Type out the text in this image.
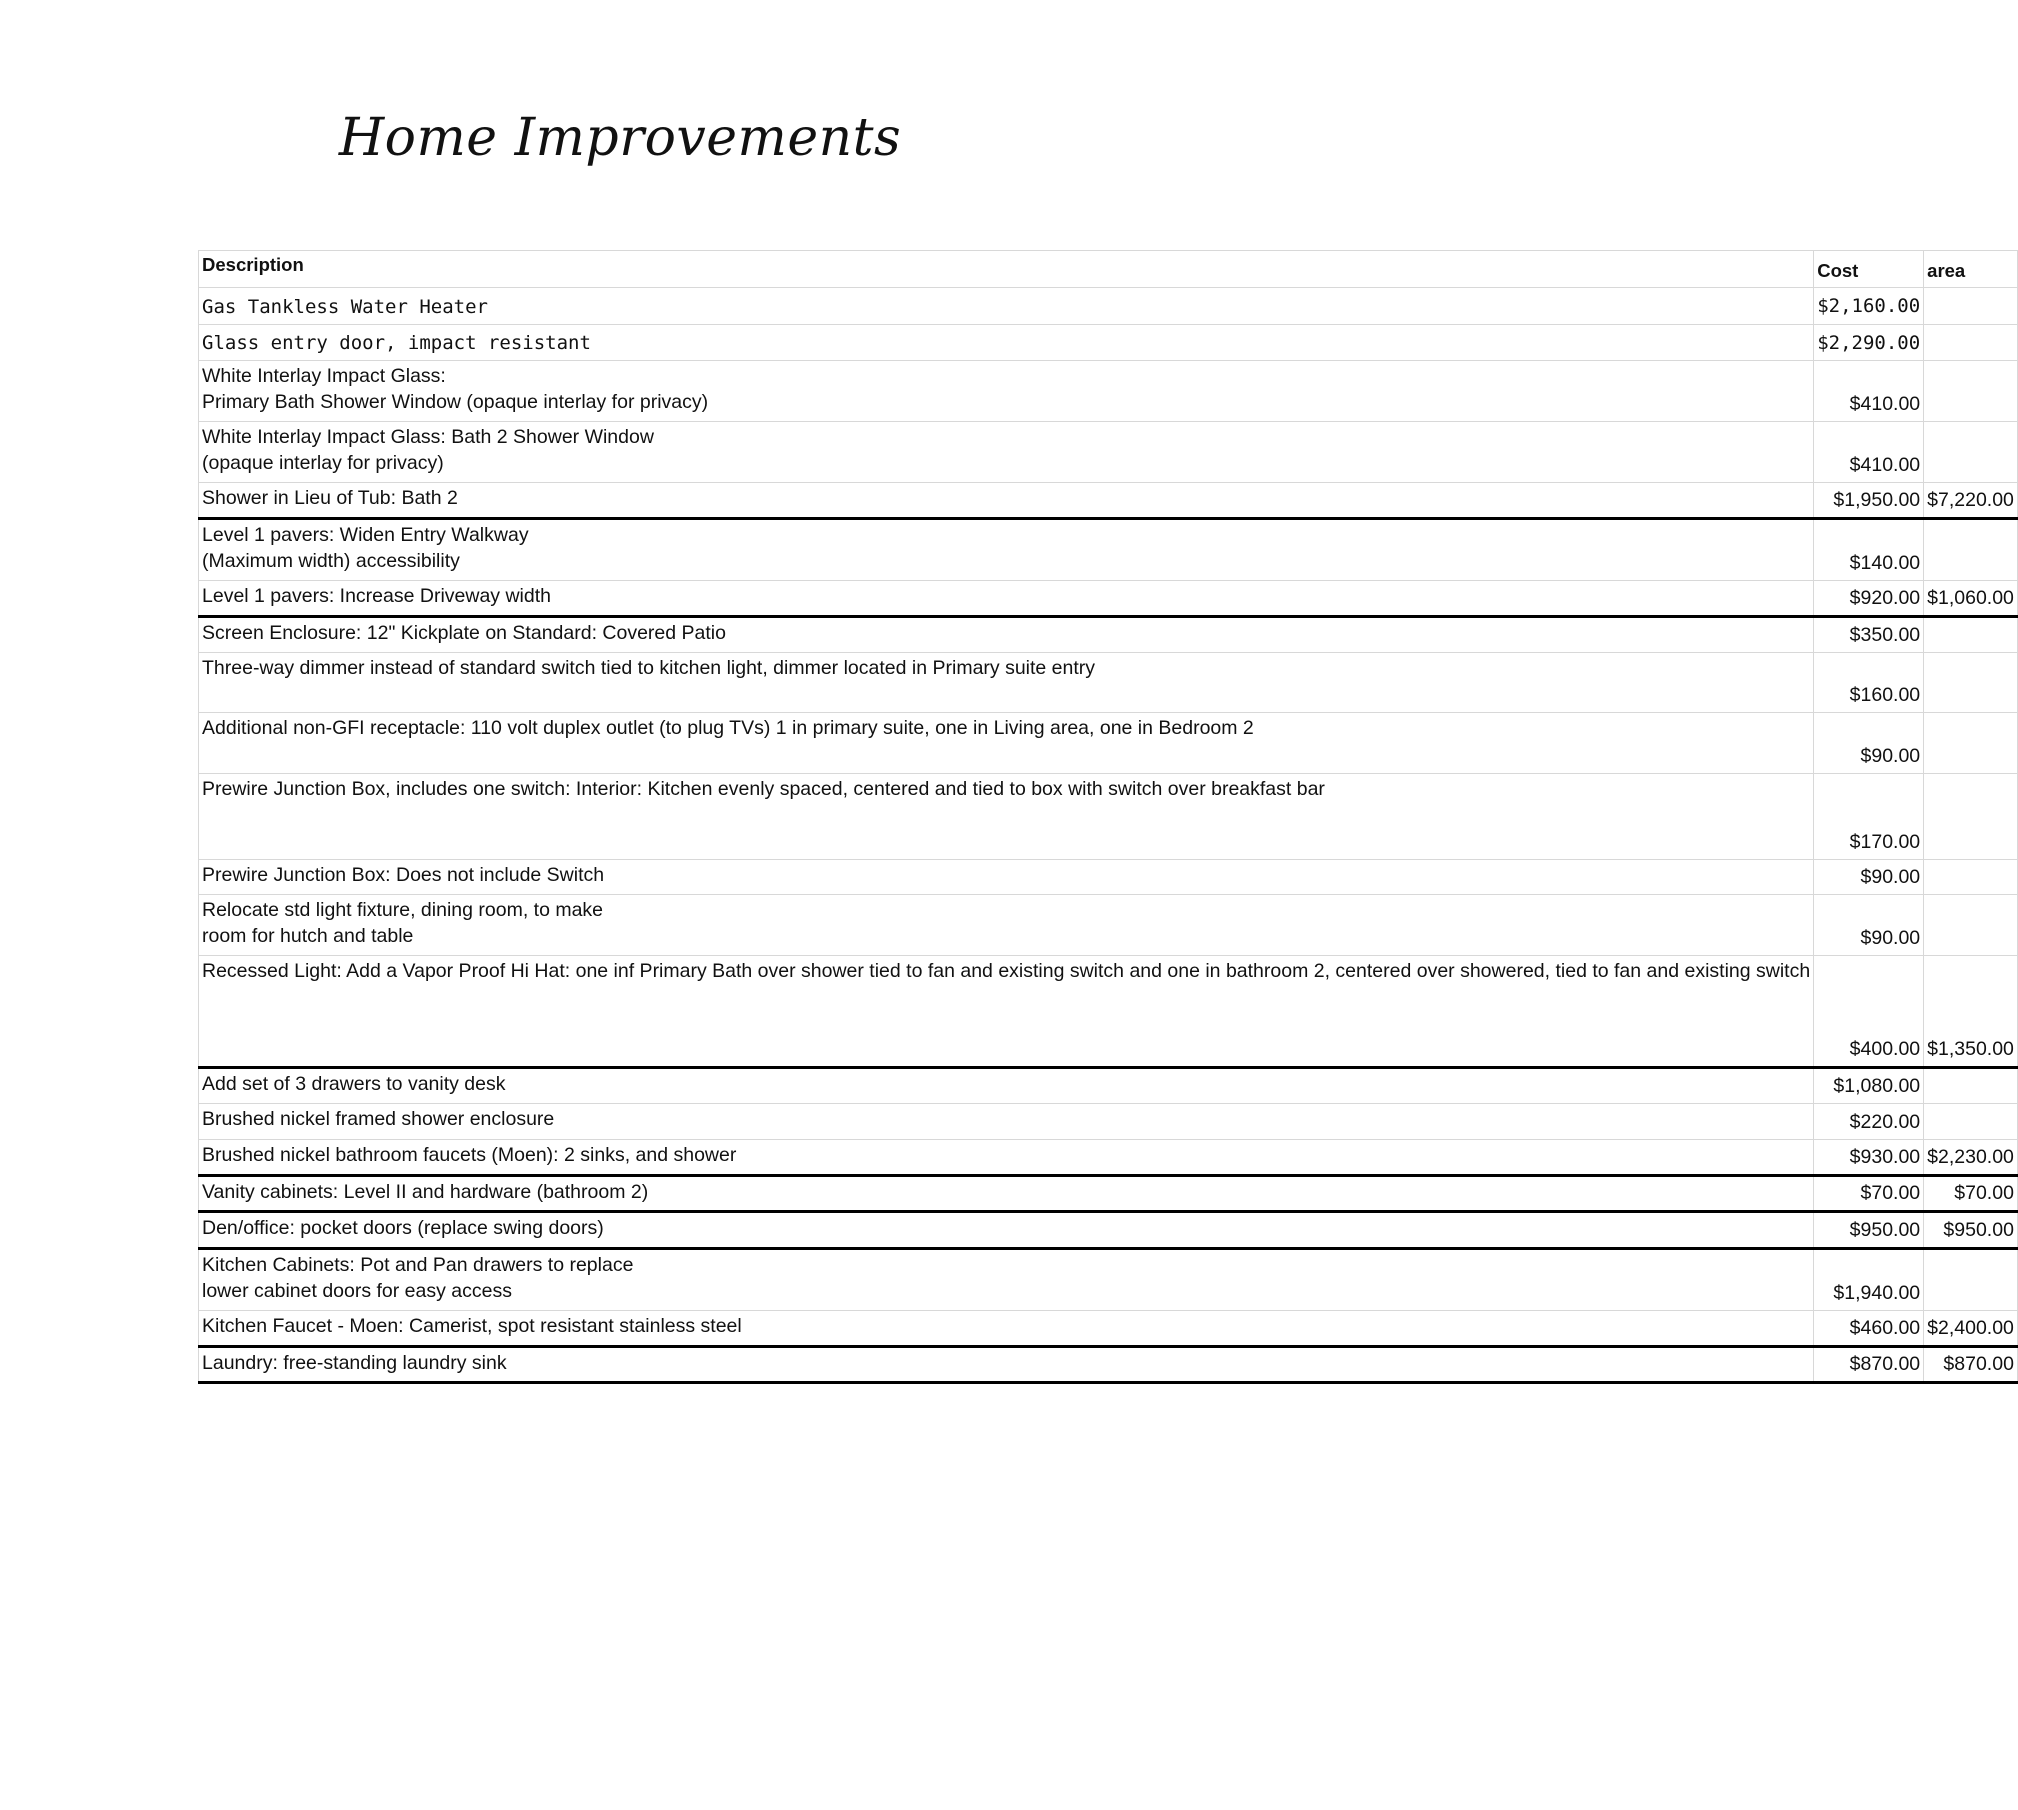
Home Improvements
Description	Cost	area
Gas Tankless Water Heater	$2,160.00	
Glass entry door, impact resistant	$2,290.00	
White Interlay Impact Glass:
Primary Bath Shower Window (opaque interlay for privacy)	$410.00	
White Interlay Impact Glass: Bath 2 Shower Window
(opaque interlay for privacy)	$410.00	
Shower in Lieu of Tub: Bath 2	$1,950.00	$7,220.00
Level 1 pavers: Widen Entry Walkway
(Maximum width) accessibility	$140.00	
Level 1 pavers: Increase Driveway width	$920.00	$1,060.00
Screen Enclosure: 12" Kickplate on Standard: Covered Patio	$350.00	
Three-way dimmer instead of standard switch tied to kitchen light, dimmer located in Primary suite entry	$160.00	
Additional non-GFI receptacle: 110 volt duplex outlet (to plug TVs) 1 in primary suite, one in Living area, one in Bedroom 2	$90.00	
Prewire Junction Box, includes one switch: Interior: Kitchen evenly spaced, centered and tied to box with switch over breakfast bar	$170.00	
Prewire Junction Box: Does not include Switch	$90.00	
Relocate std light fixture, dining room, to make
room for hutch and table	$90.00	
Recessed Light: Add a Vapor Proof Hi Hat: one inf Primary Bath over shower tied to fan and existing switch and one in bathroom 2, centered over showered, tied to fan and existing switch	$400.00	$1,350.00
Add set of 3 drawers to vanity desk	$1,080.00	
Brushed nickel framed shower enclosure	$220.00	
Brushed nickel bathroom faucets (Moen): 2 sinks, and shower	$930.00	$2,230.00
Vanity cabinets: Level II and hardware (bathroom 2)	$70.00	$70.00
Den/office: pocket doors (replace swing doors)	$950.00	$950.00
Kitchen Cabinets: Pot and Pan drawers to replace
lower cabinet doors for easy access	$1,940.00	
Kitchen Faucet - Moen: Camerist, spot resistant stainless steel	$460.00	$2,400.00
Laundry: free-standing laundry sink	$870.00	$870.00
